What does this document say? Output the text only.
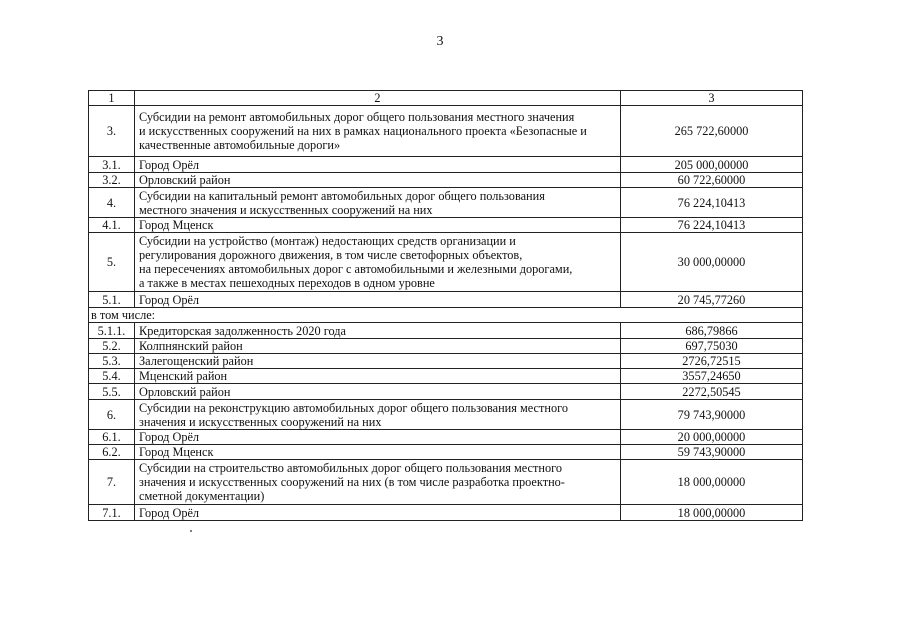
3
1	2	3
3.	Субсидии на ремонт автомобильных дорог общего пользования местного значения
и искусственных сооружений на них в рамках национального проекта «Безопасные и
качественные автомобильные дороги»	265 722,60000
3.1.	Город Орёл	205 000,00000
3.2.	Орловский район	60 722,60000
4.	Субсидии на капитальный ремонт автомобильных дорог общего пользования
местного значения и искусственных сооружений на них	76 224,10413
4.1.	Город Мценск	76 224,10413
5.	Субсидии на устройство (монтаж) недостающих средств организации и
регулирования дорожного движения, в том числе светофорных объектов,
на пересечениях автомобильных дорог с автомобильными и железными дорогами,
а также в местах пешеходных переходов в одном уровне	30 000,00000
5.1.	Город Орёл	20 745,77260
в том числе:		
5.1.1.	Кредиторская задолженность 2020 года	686,79866
5.2.	Колпнянский район	697,75030
5.3.	Залегощенский район	2726,72515
5.4.	Мценский район	3557,24650
5.5.	Орловский район	2272,50545
6.	Субсидии на реконструкцию автомобильных дорог общего пользования местного
значения и искусственных сооружений на них	79 743,90000
6.1.	Город Орёл	20 000,00000
6.2.	Город Мценск	59 743,90000
7.	Субсидии на строительство автомобильных дорог общего пользования местного
значения и искусственных сооружений на них (в том числе разработка проектно-
сметной документации)	18 000,00000
7.1.	Город Орёл	18 000,00000
